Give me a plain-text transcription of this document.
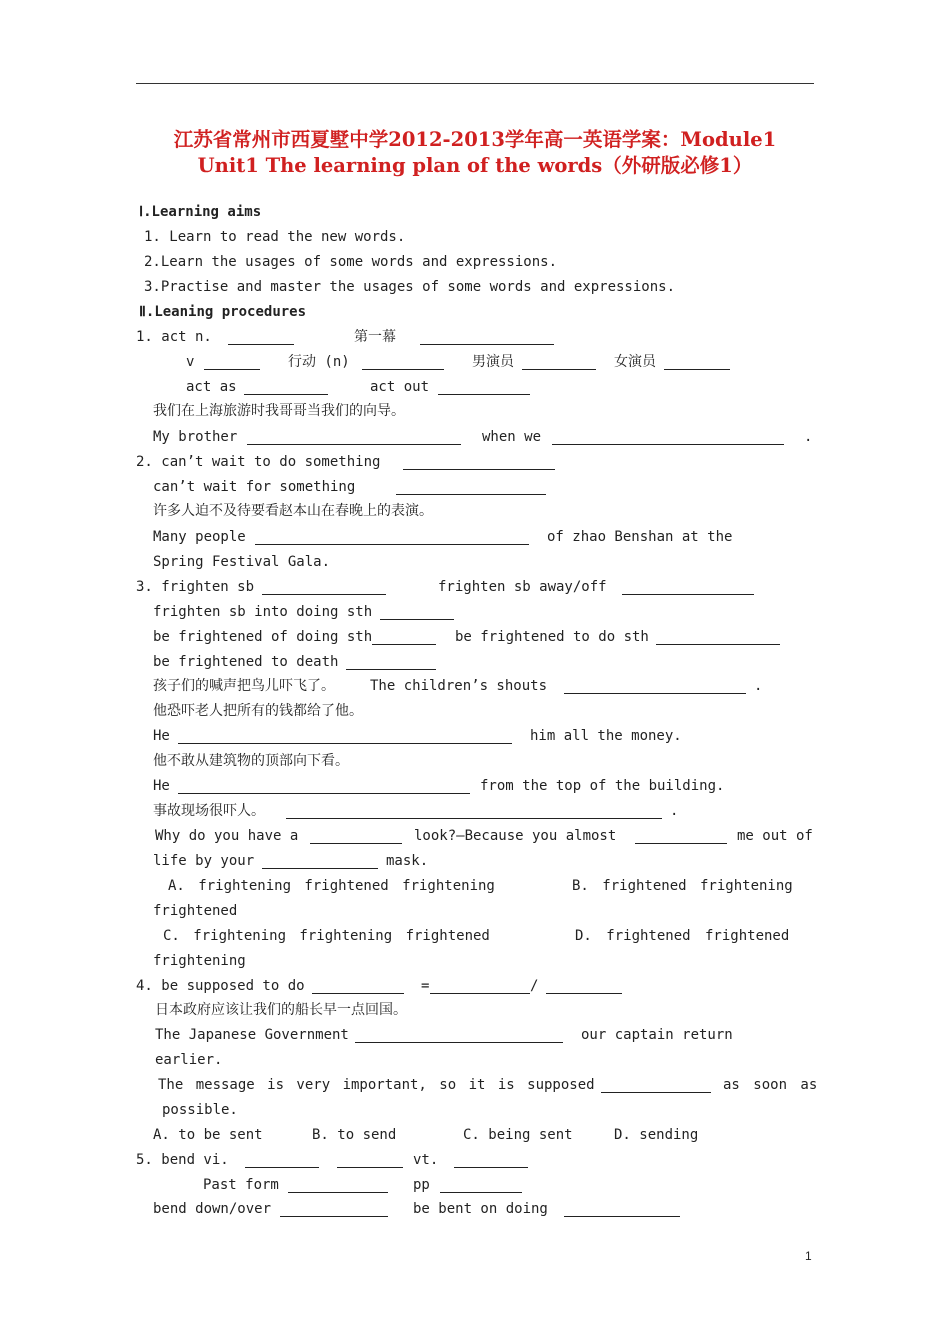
江苏省常州市西夏墅中学2012-2013学年高一英语学案：Module1
Unit1 The learning plan of the words（外研版必修1）
Ⅰ.Learning aims
1. Learn to read the new words.
2.Learn the usages of some words and expressions.
3.Practise and master the usages of some words and expressions.
Ⅱ.Leaning procedures
1. act n.	第一幕
v	行动 (n)	男演员	女演员
act as	act out
我们在上海旅游时我哥哥当我们的向导。
My brother	when we	.
2. can’t wait to do something
can’t wait for something
许多人迫不及待要看赵本山在春晚上的表演。
Many people	of zhao Benshan at the
Spring Festival Gala.
3. frighten sb	frighten sb away/off
frighten sb into doing sth
be frightened of doing sth	be frightened to do sth
be frightened to death
孩子们的喊声把鸟儿吓飞了。	The children’s shouts	.
他恐吓老人把所有的钱都给了他。
He	him all the money.
他不敢从建筑物的顶部向下看。
He	from the top of the building.
事故现场很吓人。	.
Why do you have a	look?—Because you almost	me out of
life by your	mask.
A. frightening frightened frightening	B. frightened frightening
frightened
C. frightening frightening frightened	D. frightened frightened
frightening
4. be supposed to do	=	/
日本政府应该让我们的船长早一点回国。
The Japanese Government	our captain return
earlier.
The message is very important, so it is supposed	as soon as
possible.
A. to be sent	B. to send	C. being sent	D. sending
5. bend vi.	vt.
Past form	pp
bend down/over	be bent on doing
1
